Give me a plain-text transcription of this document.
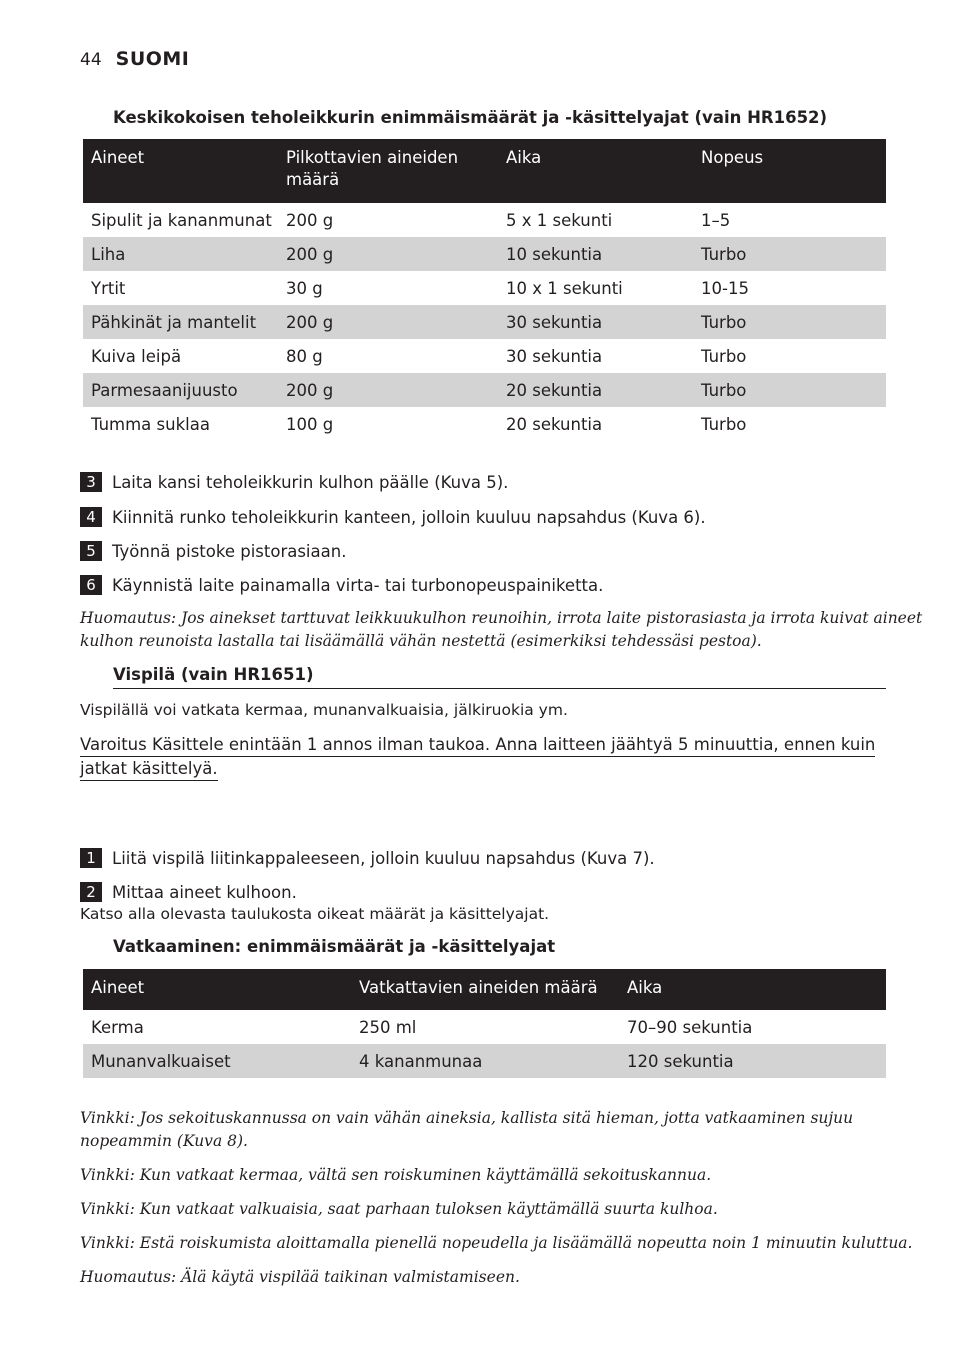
44 SUOMI
Keskikokoisen teholeikkurin enimmäismäärät ja -käsittelyajat (vain HR1652)
Aineet	Pilkottavien aineiden määrä	Aika	Nopeus
Sipulit ja kananmunat	200 g	5 x 1 sekunti	1–5
Liha	200 g	10 sekuntia	Turbo
Yrtit	30 g	10 x 1 sekunti	10-15
Pähkinät ja mantelit	200 g	30 sekuntia	Turbo
Kuiva leipä	80 g	30 sekuntia	Turbo
Parmesaanijuusto	200 g	20 sekuntia	Turbo
Tumma suklaa	100 g	20 sekuntia	Turbo
3 Laita kansi teholeikkurin kulhon päälle (Kuva 5).
4 Kiinnitä runko teholeikkurin kanteen, jolloin kuuluu napsahdus (Kuva 6).
5 Työnnä pistoke pistorasiaan.
6 Käynnistä laite painamalla virta- tai turbonopeuspainiketta.
Huomautus: Jos ainekset tarttuvat leikkuukulhon reunoihin, irrota laite pistorasiasta ja irrota kuivat aineet
kulhon reunoista lastalla tai lisäämällä vähän nestettä (esimerkiksi tehdessäsi pestoa).
Vispilä (vain HR1651)
Vispilällä voi vatkata kermaa, munanvalkuaisia, jälkiruokia ym.
Varoitus Käsittele enintään 1 annos ilman taukoa. Anna laitteen jäähtyä 5 minuuttia, ennen kuin
jatkat käsittelyä.
1 Liitä vispilä liitinkappaleeseen, jolloin kuuluu napsahdus (Kuva 7).
2 Mittaa aineet kulhoon.
Katso alla olevasta taulukosta oikeat määrät ja käsittelyajat.
Vatkaaminen: enimmäismäärät ja -käsittelyajat
Aineet	Vatkattavien aineiden määrä	Aika
Kerma	250 ml	70–90 sekuntia
Munanvalkuaiset	4 kananmunaa	120 sekuntia
Vinkki: Jos sekoituskannussa on vain vähän aineksia, kallista sitä hieman, jotta vatkaaminen sujuu
nopeammin (Kuva 8).
Vinkki: Kun vatkaat kermaa, vältä sen roiskuminen käyttämällä sekoituskannua.
Vinkki: Kun vatkaat valkuaisia, saat parhaan tuloksen käyttämällä suurta kulhoa.
Vinkki: Estä roiskumista aloittamalla pienellä nopeudella ja lisäämällä nopeutta noin 1 minuutin kuluttua.
Huomautus: Älä käytä vispilää taikinan valmistamiseen.
